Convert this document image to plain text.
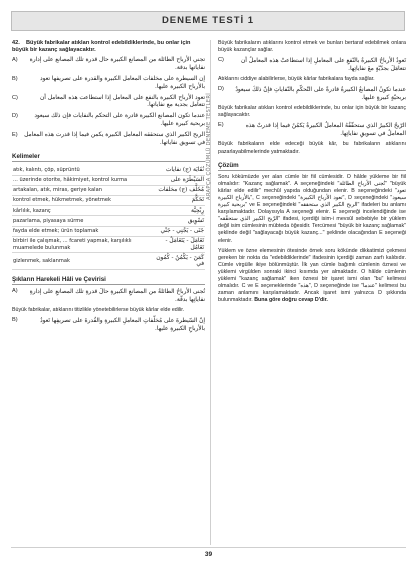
DENEME TESTİ 1
ARAPÇA ÇÖZÜMLÜ DENEME TESTLERİ
42. Büyük fabrikalar atıkları kontrol edebildiklerinde, bu onlar için büyük bir kazanç sağlayacaktır.
A) تجني الأرباح الطائلة من المصانع الكبيرة حال قدرة تلك المصانع على إدارة نفاياتها بدقة.
B)	إن السيطرة على مخلفات المعامل الكبيرة والقدرة على تصريفها تعود بالأرباح الكبيرة عليها.
C)	تعود الأرباح الكبيرة بالنفع على المعامل إذا استطاعت هذه المعامل أن تتعامل بجدية مع نفاياتها.
D)	عندما تكون المصانع الكبيرة قادرة على التحكم بالنفايات فإن ذلك سيعود بربحية كبيرة عليها.
E) الربح الكبير الذي ستحققه المعامل الكبيرة يكمن فيما إذا قدرت هذه المعامل في تسويق نفاياتها.
Kelimeler
atık, kalıntı, çöp, süprüntü	نُفَايَة (ج) نفايات
... üzerinde otorite, hâkimiyet, kontrol kurma	السَيْطَرَة على
artakalan, atık, miras, geriye kalan	مُخَلَّف (ج) مخلفات
kontrol etmek, hükmetmek, yönetmek	تَحَكَّمَ
kârlılık, kazanç	رِبْحِيَّة
pazarlama, piyasaya sürme	تَسْوِيق
fayda elde etmek; ürün toplamak	جَنَى - يَجْنِي - جَنْي
birbiri ile çalışmak, ... fcareti yapmak, karşılıklı muamelede bulunmak	تَعَامَلَ - يَتَعَامَلُ - تَعَامُل
gizlenmek, saklanmak	كَمَنَ - يَكْمُنُ - كُمُون في
Şıkların Harekeli Hâli ve Çevirisi
A)	تُجنى الأرباحُ الطائلةُ من المصانعِ الكبيرةِ حالَ قدرةِ تلك المصانعِ على إدارةِ نفاياتِها بدقّة.
Büyük fabrikalar, atıklarını titizlikle yönetebilirlerse büyük kârlar elde edilir.
B)	إنّ السّيطرةَ على مُخلّفاتِ المعاملِ الكبيرةِ والقُدرةَ على تصريفِها تَعودُ بالأرباحِ الكبيرةِ عليها.
Büyük fabrikaların atıklarını kontrol etmek ve bunları bertaraf edebilmek onlara büyük kazançlar sağlar.
C)	تَعودُ الأرباحُ الكبيرةُ بالنّفعِ على المعاملِ إذا استطاعتْ هذه المعاملُ أن تتعامَلَ بجدّيّةٍ معَ نفاياتِها.
Atıklarını ciddiye alabilirlerse, büyük kârlar fabrikalara fayda sağlar.
D)	عندما تكونُ المصانعُ الكبيرةُ قادرةً على التّحكّمِ بالنّفاياتِ فإنّ ذلكَ سيعودُ بربحيّةٍ كبيرةٍ عليها.
Büyük fabrikalar atıkları kontrol edebildiklerinde, bu onlar için büyük bir kazanç sağlayacaktır.
E)	الرّبحُ الكبيرُ الذي ستحقّقُهُ المعاملُ الكبيرةُ يَكمُنُ فيما إذا قدرتْ هذه المعاملُ في تسويقِ نفاياتِها.
Büyük fabrikaların elde edeceği büyük kâr, bu fabrikaların atıklarını pazarlayabilmelerinde yatmaktadır.
Çözüm
Soru kökümüzde yer alan cümle bir fiil cümlesidir. O hâlde yükleme bir fiil olmalıdır: "Kazanç sağlamak". A seçeneğindeki "تُجنى الأرباح الطائلة" "büyük kârlar elde edilir" mechûl yapıda olduğundan elenir. B seçeneğindeki "تعود بالأرباح الكبيرة", C seçeneğindeki "تعود الأرباح الكبيرة", D seçeneğindeki "سيعود بربحية كبيرة" ve E seçeneğindeki "الربح الكبير الذي ستحققه" ifadeleri bu anlamı karşılamaktadır. Dolayısıyla A seçeneği elenir. E seçeneği incelendiğinde ise "الرّبح الكبير الذي ستحقّقه" ifadesi, içerdiği isim-i mevsûl sebebiyle bir yüklem değil isim cümlesinin mübteda öğesidir. Tercümesi "büyük bir kazanç sağlamak" şeklinde değil "sağlayacağı büyük kazanç..." şeklinde olacağından E seçeneği elenir.
Yüklem ve özne elemesinin ötesinde örnek soru kökünde dikkatimizi çekmesi gereken bir nokta da "edebildiklerinde" ifadesinin içerdiği zaman zarfı kalıbıdır. Cümle virgülle ikiye bölünmüştür. İlk yan cümle bağımlı cümlenin öznesi ve yüklemi virgülden sonraki ikinci kısımda yer almaktadır. O hâlde cümlenin yüklemi "kazanç sağlamak" iken öznesi bir işaret ismi olan "bu" kelimesi olmalıdır. C ve E seçeneklerinde "هذه", D seçeneğinde ise "عندما" kelimesi bu zaman anlamını karşılamaktadır. Ancak işaret ismi yalnızca D şıkkında bulunmaktadır. Buna göre doğru cevap D'dir.
39
